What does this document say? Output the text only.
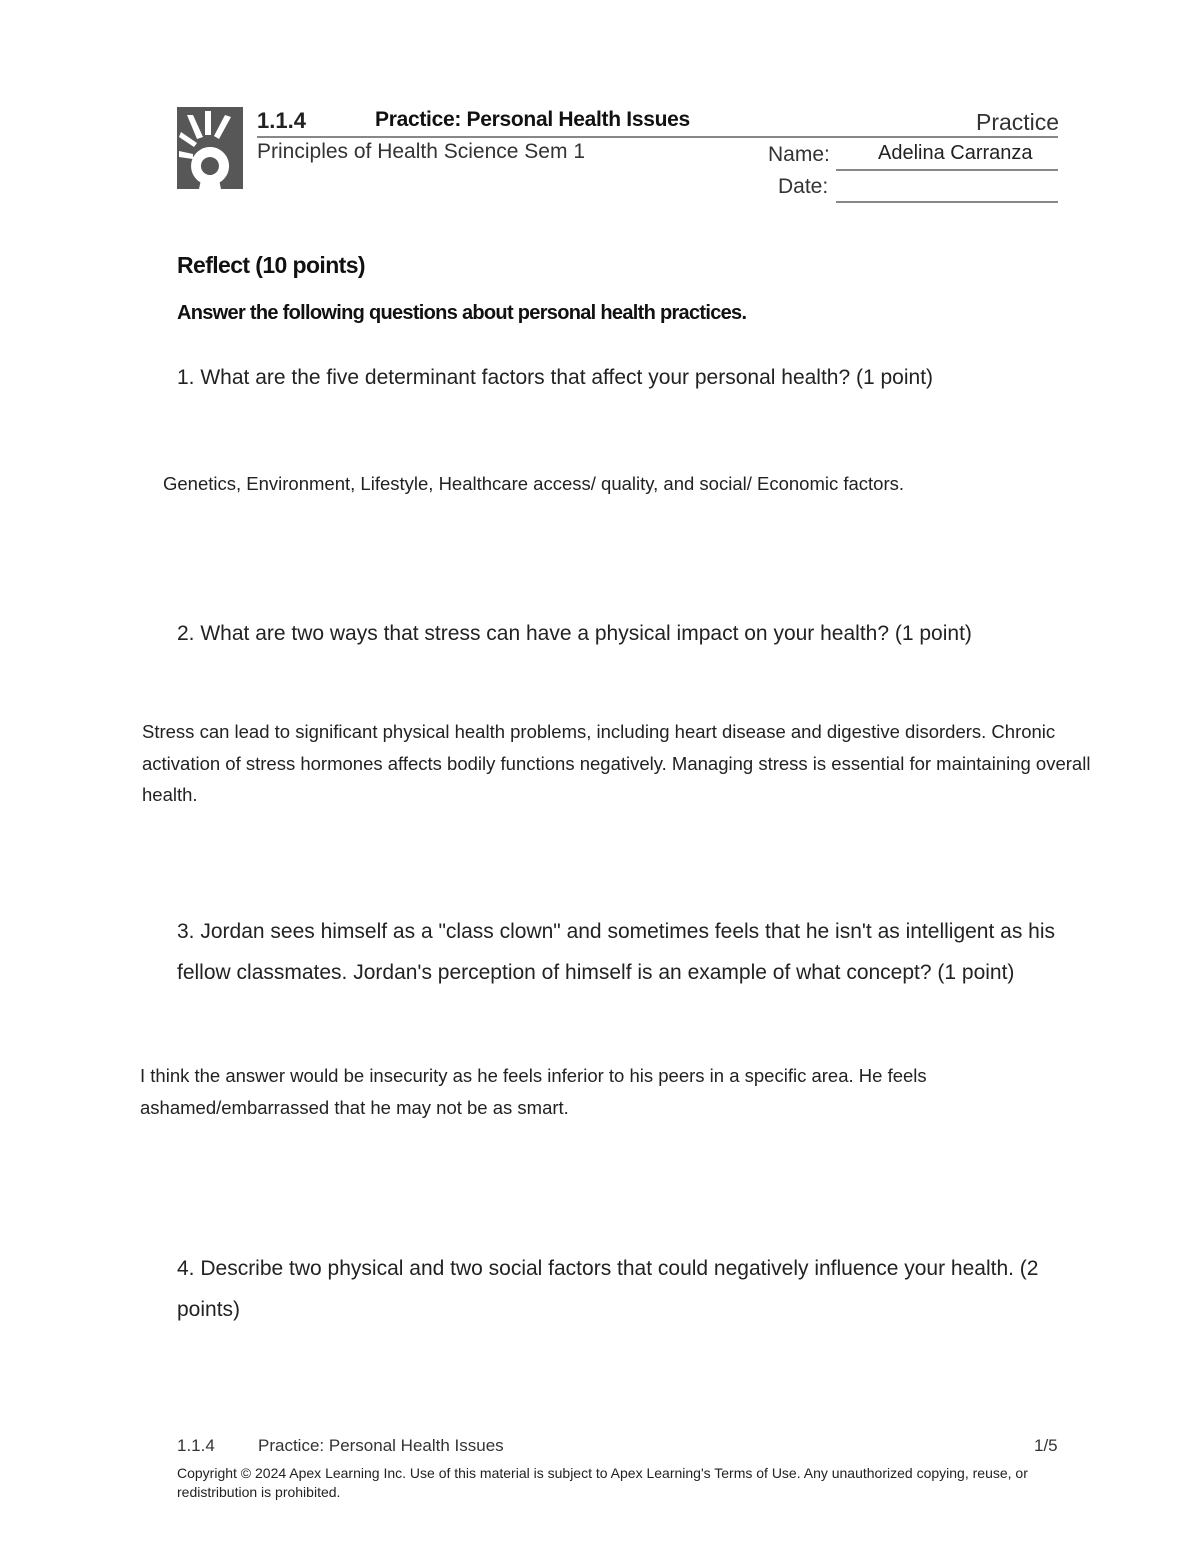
1.1.4	Practice: Personal Health Issues	Practice
Principles of Health Science Sem 1	Name: Adelina Carranza
Date:
Reflect (10 points)
Answer the following questions about personal health practices.
1. What are the five determinant factors that affect your personal health? (1 point)
Genetics, Environment, Lifestyle, Healthcare access/ quality, and social/ Economic factors.
2. What are two ways that stress can have a physical impact on your health? (1 point)
Stress can lead to significant physical health problems, including heart disease and digestive disorders. Chronic activation of stress hormones affects bodily functions negatively. Managing stress is essential for maintaining overall health.
3. Jordan sees himself as a "class clown" and sometimes feels that he isn't as intelligent as his fellow classmates. Jordan's perception of himself is an example of what concept? (1 point)
I think the answer would be insecurity as he feels inferior to his peers in a specific area. He feels ashamed/embarrassed that he may not be as smart.
4. Describe two physical and two social factors that could negatively influence your health. (2 points)
1.1.4	Practice: Personal Health Issues	1/5
Copyright © 2024 Apex Learning Inc. Use of this material is subject to Apex Learning's Terms of Use. Any unauthorized copying, reuse, or redistribution is prohibited.
